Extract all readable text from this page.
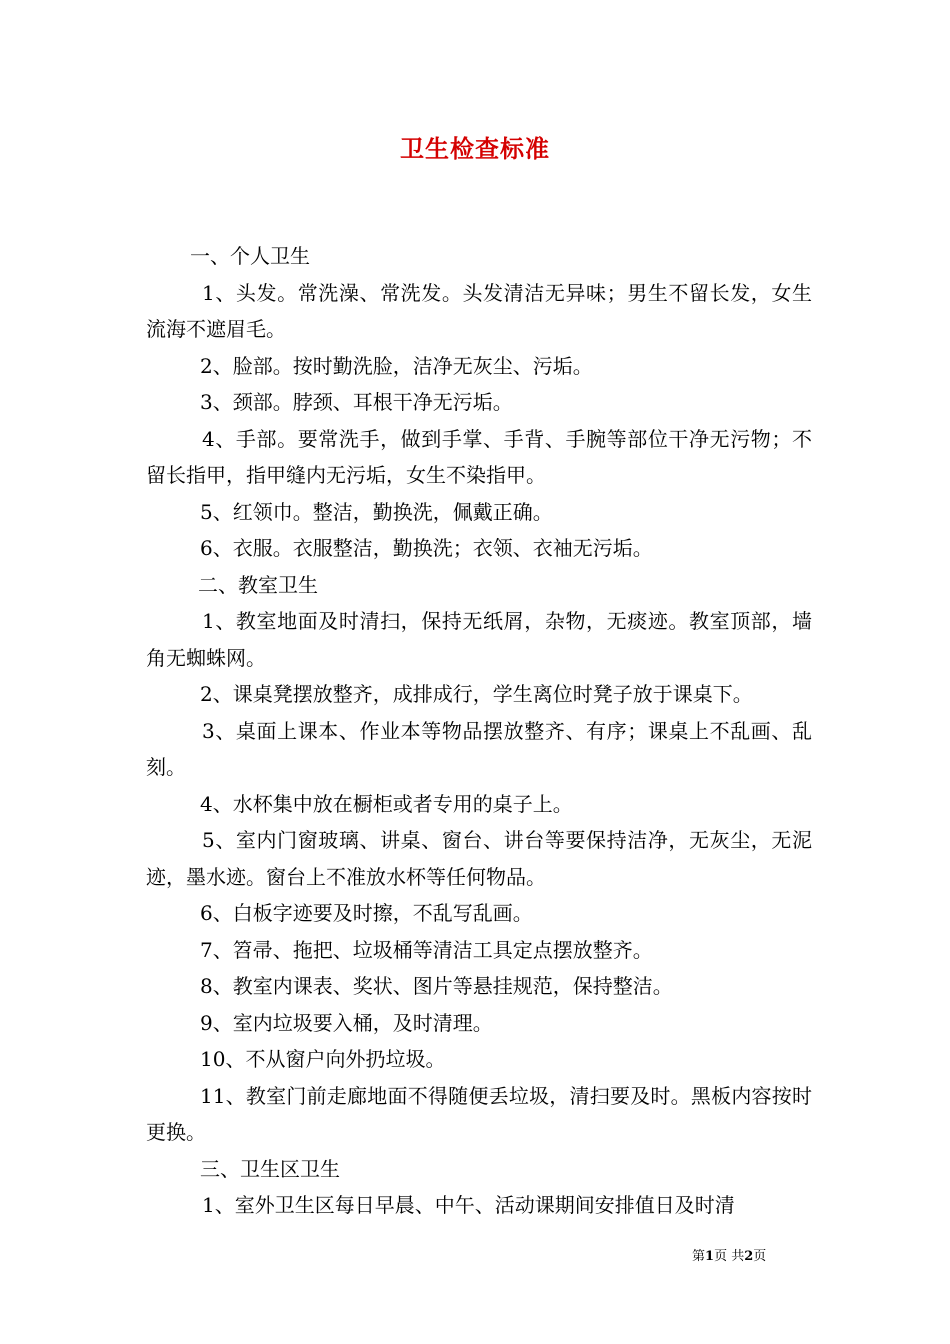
卫生检查标准

一、个人卫生

1、头发。常洗澡、常洗发。头发清洁无异味；男生不留长发，女生流海不遮眉毛。

2、脸部。按时勤洗脸，洁净无灰尘、污垢。

3、颈部。脖颈、耳根干净无污垢。

4、手部。要常洗手，做到手掌、手背、手腕等部位干净无污物；不留长指甲，指甲缝内无污垢，女生不染指甲。

5、红领巾。整洁，勤换洗，佩戴正确。

6、衣服。衣服整洁，勤换洗；衣领、衣袖无污垢。

二、教室卫生

1、教室地面及时清扫，保持无纸屑，杂物，无痰迹。教室顶部，墙角无蜘蛛网。

2、课桌凳摆放整齐，成排成行，学生离位时凳子放于课桌下。

3、桌面上课本、作业本等物品摆放整齐、有序；课桌上不乱画、乱刻。

4、水杯集中放在橱柜或者专用的桌子上。

5、室内门窗玻璃、讲桌、窗台、讲台等要保持洁净，无灰尘，无泥迹，墨水迹。窗台上不准放水杯等任何物品。

6、白板字迹要及时擦，不乱写乱画。

7、笤帚、拖把、垃圾桶等清洁工具定点摆放整齐。

8、教室内课表、奖状、图片等悬挂规范，保持整洁。

9、室内垃圾要入桶，及时清理。

10、不从窗户向外扔垃圾。

11、教室门前走廊地面不得随便丢垃圾，清扫要及时。黑板内容按时更换。

三、卫生区卫生

1、室外卫生区每日早晨、中午、活动课期间安排值日及时清

第1页 共2页
